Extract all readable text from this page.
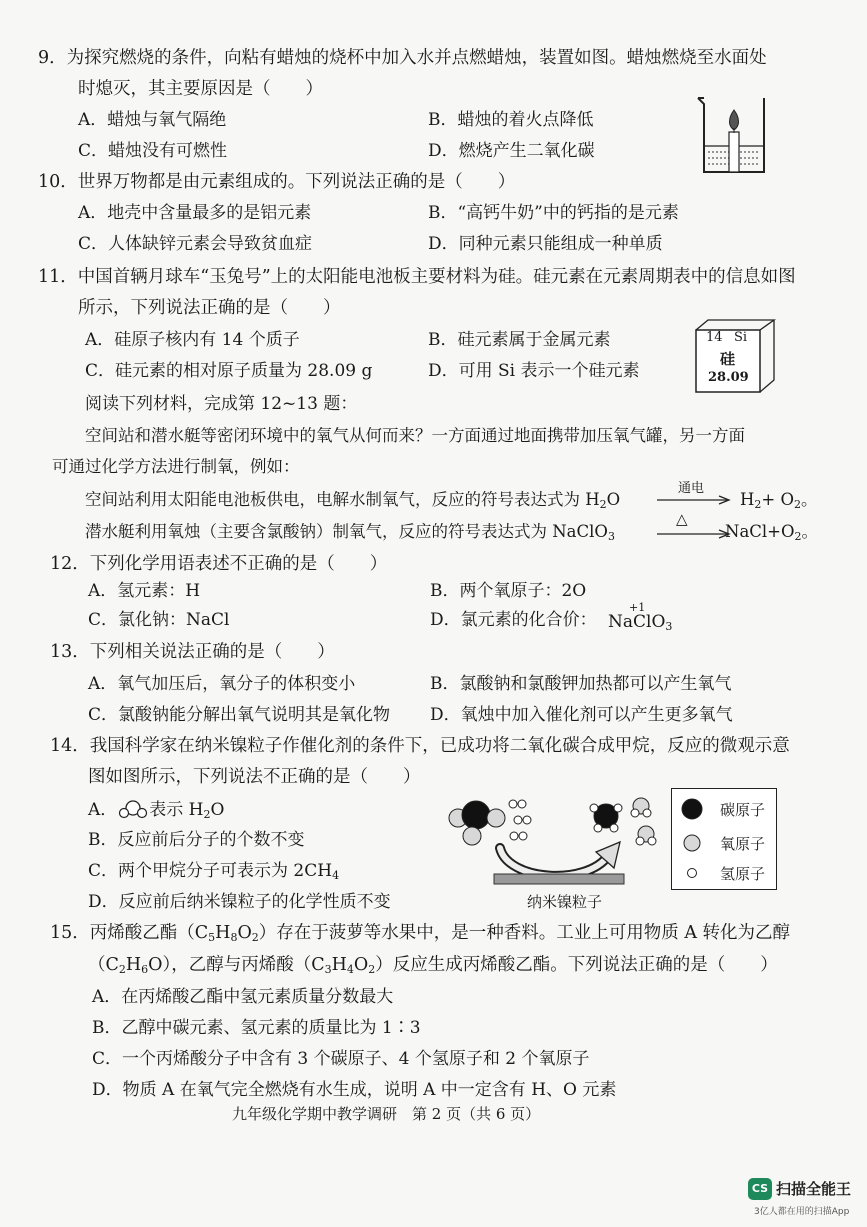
9．为探究燃烧的条件，向粘有蜡烛的烧杯中加入水并点燃蜡烛，装置如图。蜡烛燃烧至水面处
时熄灭，其主要原因是（　　）
A．蜡烛与氧气隔绝	B．蜡烛的着火点降低
C．蜡烛没有可燃性	D．燃烧产生二氧化碳
10．世界万物都是由元素组成的。下列说法正确的是（　　）
A．地壳中含量最多的是铝元素	B．“高钙牛奶”中的钙指的是元素
C．人体缺锌元素会导致贫血症	D．同种元素只能组成一种单质
11．中国首辆月球车“玉兔号”上的太阳能电池板主要材料为硅。硅元素在元素周期表中的信息如图
所示，下列说法正确的是（　　）
A．硅原子核内有 14 个质子	B．硅元素属于金属元素
C．硅元素的相对原子质量为 28.09 g	D．可用 Si 表示一个硅元素
14 Si
硅
28.09
阅读下列材料，完成第 12~13 题：
空间站和潜水艇等密闭环境中的氧气从何而来？一方面通过地面携带加压氧气罐，另一方面
可通过化学方法进行制氧，例如：
空间站利用太阳能电池板供电，电解水制氧气，反应的符号表达式为 $H_2O$
通电
$H_2+ O_2$。
潜水艇利用氧烛（主要含氯酸钠）制氧气，反应的符号表达式为 NaClO$_3$
△
$NaCl+O_2$。
12．下列化学用语表述不正确的是（　　）
A．氢元素：H	B．两个氧原子：2O
C．氯化钠：NaCl	D．氯元素的化合价：
+1
NaClO$_3$
13．下列相关说法正确的是（　　）
A．氧气加压后，氧分子的体积变小	B．氯酸钠和氯酸钾加热都可以产生氧气
C．氯酸钠能分解出氧气说明其是氧化物 D．氧烛中加入催化剂可以产生更多氧气
14．我国科学家在纳米镍粒子作催化剂的条件下，已成功将二氧化碳合成甲烷，反应的微观示意
图如图所示，下列说法不正确的是（　　）
A． 表示 $H_2O$
B．反应前后分子的个数不变
C．两个甲烷分子可表示为 $2CH_4$
D．反应前后纳米镍粒子的化学性质不变	纳米镍粒子
碳原子
氧原子
氢原子
15．丙烯酸乙酯$(C_5H_8O_2)$存在于菠萝等水果中，是一种香料。工业上可用物质 A 转化为乙醇
$(C_2H_6O)$，乙醇与丙烯酸$(C_3H_4O_2)$反应生成丙烯酸乙酯。下列说法正确的是（　　）
A．在丙烯酸乙酯中氢元素质量分数最大
B．乙醇中碳元素、氢元素的质量比为 1∶3
C．一个丙烯酸分子中含有 3 个碳原子、4 个氢原子和 2 个氧原子
D．物质 A 在氧气完全燃烧有水生成，说明 A 中一定含有 H、O 元素
九年级化学期中教学调研　第 2 页（共 6 页）
CS 扫描全能王
3亿人都在用的扫描App
